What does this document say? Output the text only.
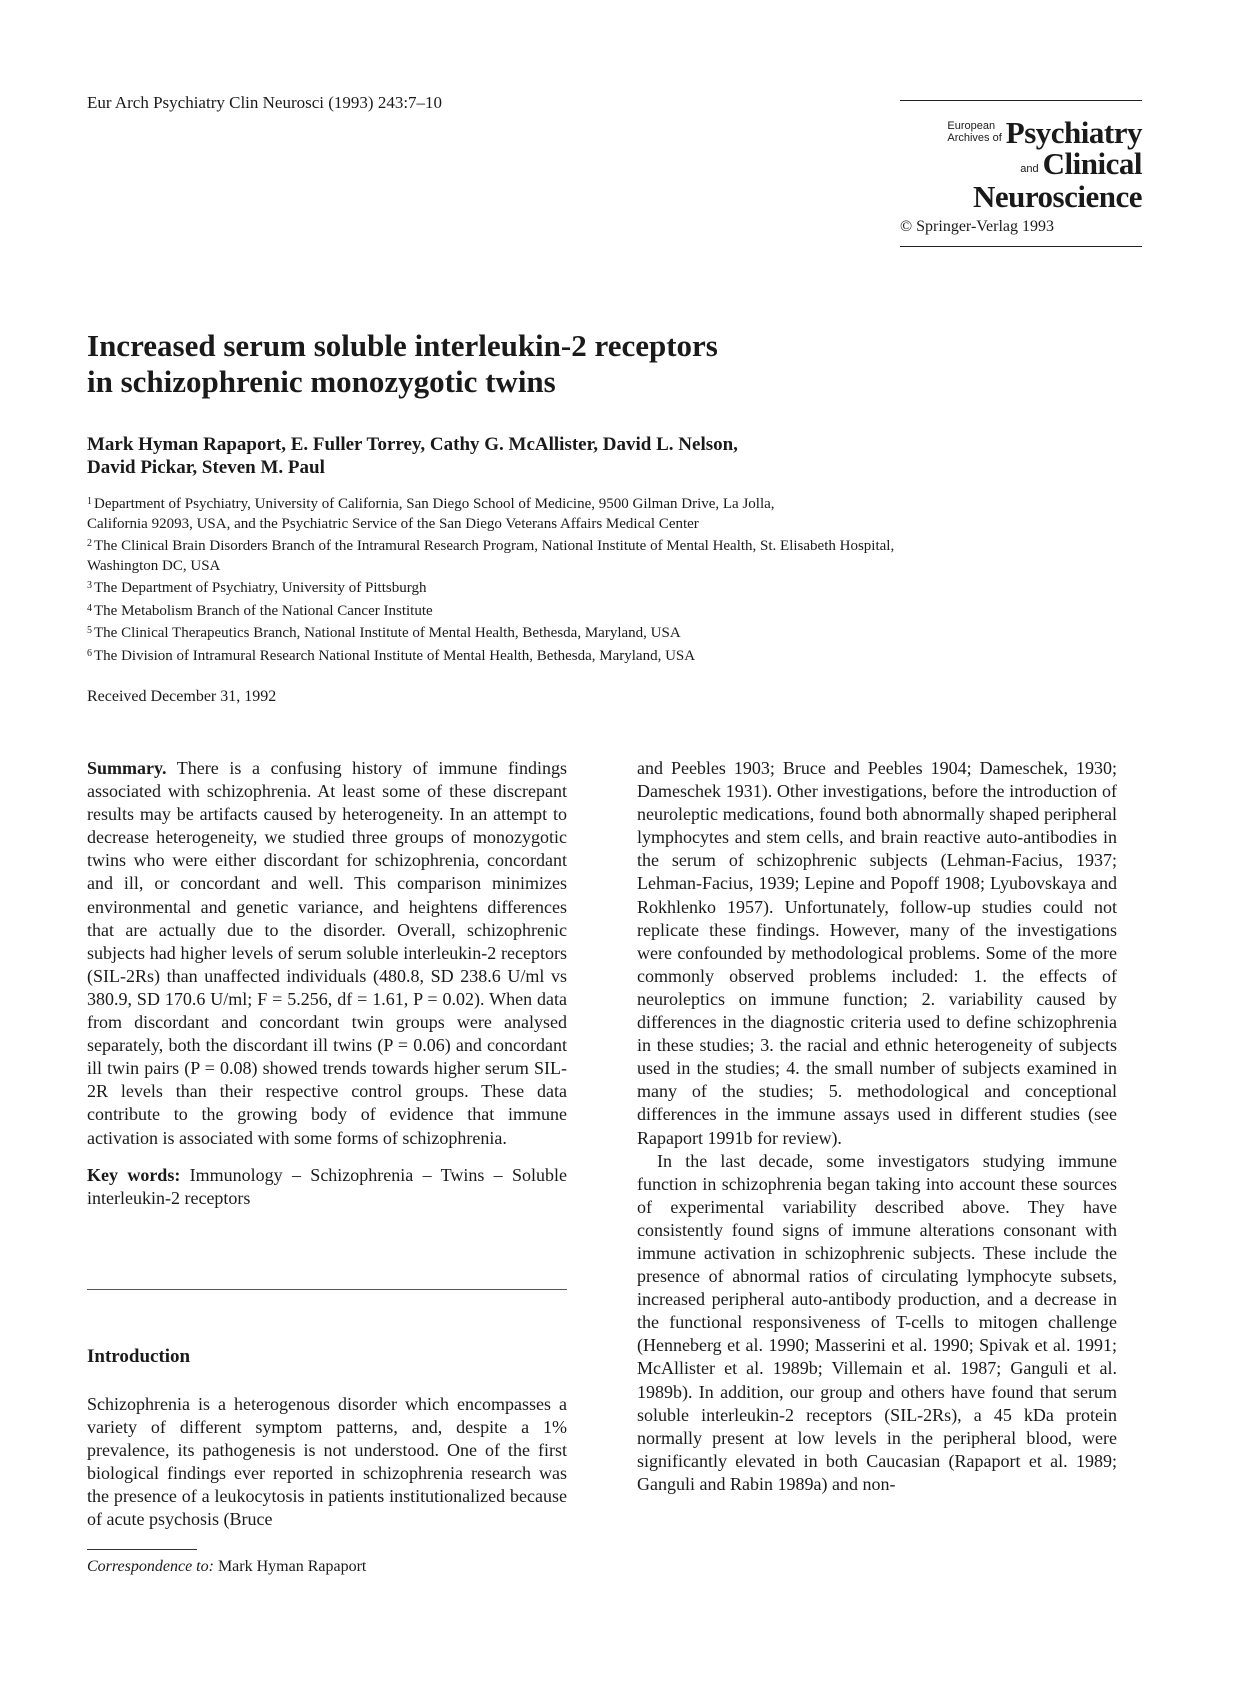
Eur Arch Psychiatry Clin Neurosci (1993) 243:7–10
European
Archives of Psychiatry
and Clinical
Neuroscience
© Springer-Verlag 1993
Increased serum soluble interleukin-2 receptors
in schizophrenic monozygotic twins
Mark Hyman Rapaport, E. Fuller Torrey, Cathy G. McAllister, David L. Nelson,
David Pickar, Steven M. Paul
$^1$ Department of Psychiatry, University of California, San Diego School of Medicine, 9500 Gilman Drive, La Jolla,
California 92093, USA, and the Psychiatric Service of the San Diego Veterans Affairs Medical Center
$^2$ The Clinical Brain Disorders Branch of the Intramural Research Program, National Institute of Mental Health, St. Elisabeth Hospital,
Washington DC, USA
$^3$ The Department of Psychiatry, University of Pittsburgh
$^4$ The Metabolism Branch of the National Cancer Institute
$^5$ The Clinical Therapeutics Branch, National Institute of Mental Health, Bethesda, Maryland, USA
$^6$ The Division of Intramural Research National Institute of Mental Health, Bethesda, Maryland, USA
Received December 31, 1992

Summary. There is a confusing history of immune findings associated with schizophrenia. At least some of these discrepant results may be artifacts caused by heterogeneity. In an attempt to decrease heterogeneity, we studied three groups of monozygotic twins who were either discordant for schizophrenia, concordant and ill, or concordant and well. This comparison minimizes environmental and genetic variance, and heightens differences that are actually due to the disorder. Overall, schizophrenic subjects had higher levels of serum soluble interleukin-2 receptors (SIL-2Rs) than unaffected individuals (480.8, SD 238.6 U/ml vs 380.9, SD 170.6 U/ml; F = 5.256, df = 1.61, P = 0.02). When data from discordant and concordant twin groups were analysed separately, both the discordant ill twins (P = 0.06) and concordant ill twin pairs (P = 0.08) showed trends towards higher serum SIL-2R levels than their respective control groups. These data contribute to the growing body of evidence that immune activation is associated with some forms of schizophrenia.

Key words: Immunology – Schizophrenia – Twins – Soluble interleukin-2 receptors

Introduction

Schizophrenia is a heterogenous disorder which encompasses a variety of different symptom patterns, and, despite a 1% prevalence, its pathogenesis is not understood. One of the first biological findings ever reported in schizophrenia research was the presence of a leukocytosis in patients institutionalized because of acute psychosis (Bruce

Correspondence to: Mark Hyman Rapaport

and Peebles 1903; Bruce and Peebles 1904; Dameschek, 1930; Dameschek 1931). Other investigations, before the introduction of neuroleptic medications, found both abnormally shaped peripheral lymphocytes and stem cells, and brain reactive auto-antibodies in the serum of schizophrenic subjects (Lehman-Facius, 1937; Lehman-Facius, 1939; Lepine and Popoff 1908; Lyubovskaya and Rokhlenko 1957). Unfortunately, follow-up studies could not replicate these findings. However, many of the investigations were confounded by methodological problems. Some of the more commonly observed problems included: 1. the effects of neuroleptics on immune function; 2. variability caused by differences in the diagnostic criteria used to define schizophrenia in these studies; 3. the racial and ethnic heterogeneity of subjects used in the studies; 4. the small number of subjects examined in many of the studies; 5. methodological and conceptional differences in the immune assays used in different studies (see Rapaport 1991b for review).

In the last decade, some investigators studying immune function in schizophrenia began taking into account these sources of experimental variability described above. They have consistently found signs of immune alterations consonant with immune activation in schizophrenic subjects. These include the presence of abnormal ratios of circulating lymphocyte subsets, increased peripheral auto-antibody production, and a decrease in the functional responsiveness of T-cells to mitogen challenge (Henneberg et al. 1990; Masserini et al. 1990; Spivak et al. 1991; McAllister et al. 1989b; Villemain et al. 1987; Ganguli et al. 1989b). In addition, our group and others have found that serum soluble interleukin-2 receptors (SIL-2Rs), a 45 kDa protein normally present at low levels in the peripheral blood, were significantly elevated in both Caucasian (Rapaport et al. 1989; Ganguli and Rabin 1989a) and non-
